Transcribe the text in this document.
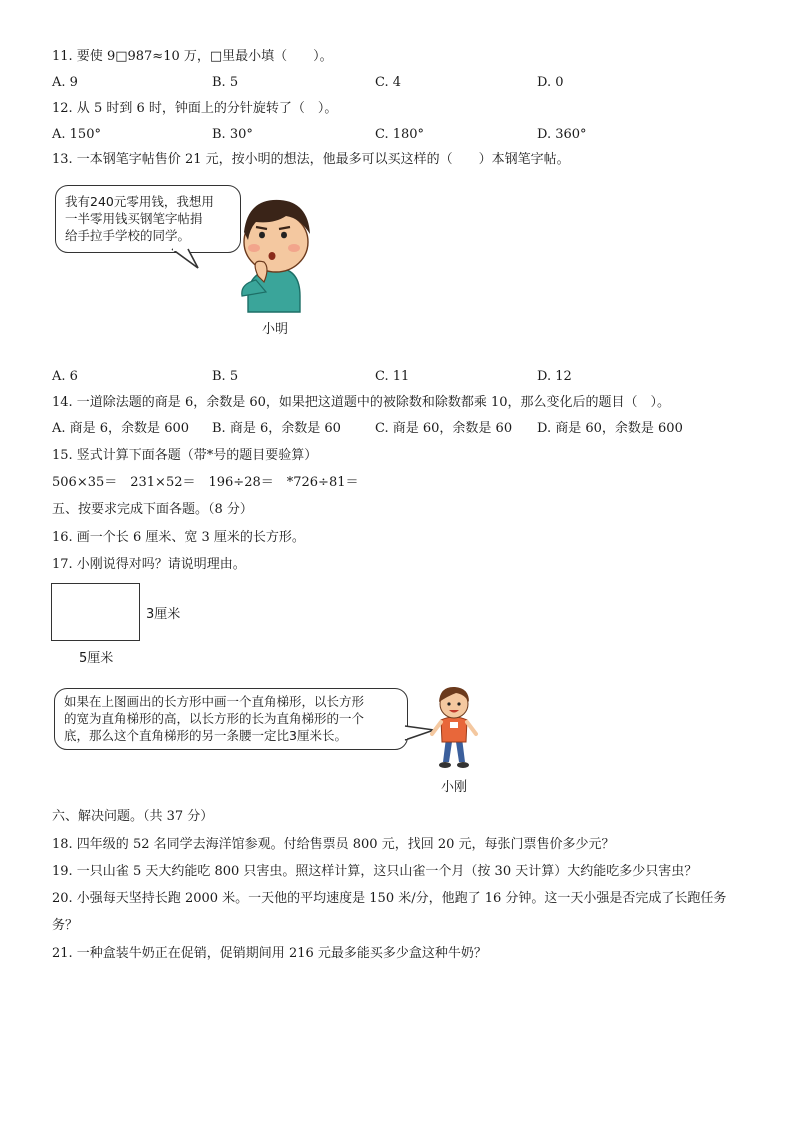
11. 要使 9□987≈10 万，□里最小填（　　）。
A. 9	B. 5	C. 4	D. 0
12. 从 5 时到 6 时，钟面上的分针旋转了（　）。
A. 150°	B. 30°	C. 180°	D. 360°
13. 一本钢笔字帖售价 21 元，按小明的想法，他最多可以买这样的（　　）本钢笔字帖。
我有240元零用钱，我想用
一半零用钱买钢笔字帖捐
给手拉手学校的同学。
小明
A. 6	B. 5	C. 11	D. 12
14. 一道除法题的商是 6，余数是 60，如果把这道题中的被除数和除数都乘 10，那么变化后的题目（　）。
A. 商是 6，余数是 600 B. 商是 6，余数是 60	C. 商是 60，余数是 60 D. 商是 60，余数是 600
15. 竖式计算下面各题（带*号的题目要验算）
506×35＝　231×52＝　196÷28＝　*726÷81＝
五、按要求完成下面各题。（8 分）
16. 画一个长 6 厘米、宽 3 厘米的长方形。
17. 小刚说得对吗？请说明理由。
3厘米
5厘米
如果在上图画出的长方形中画一个直角梯形，以长方形
的宽为直角梯形的高，以长方形的长为直角梯形的一个
底，那么这个直角梯形的另一条腰一定比3厘米长。
小刚
六、解决问题。（共 37 分）
18. 四年级的 52 名同学去海洋馆参观。付给售票员 800 元，找回 20 元，每张门票售价多少元？
19. 一只山雀 5 天大约能吃 800 只害虫。照这样计算，这只山雀一个月（按 30 天计算）大约能吃多少只害虫？
20. 小强每天坚持长跑 2000 米。一天他的平均速度是 150 米/分，他跑了 16 分钟。这一天小强是否完成了长跑任务
务？
21. 一种盒装牛奶正在促销，促销期间用 216 元最多能买多少盒这种牛奶？
